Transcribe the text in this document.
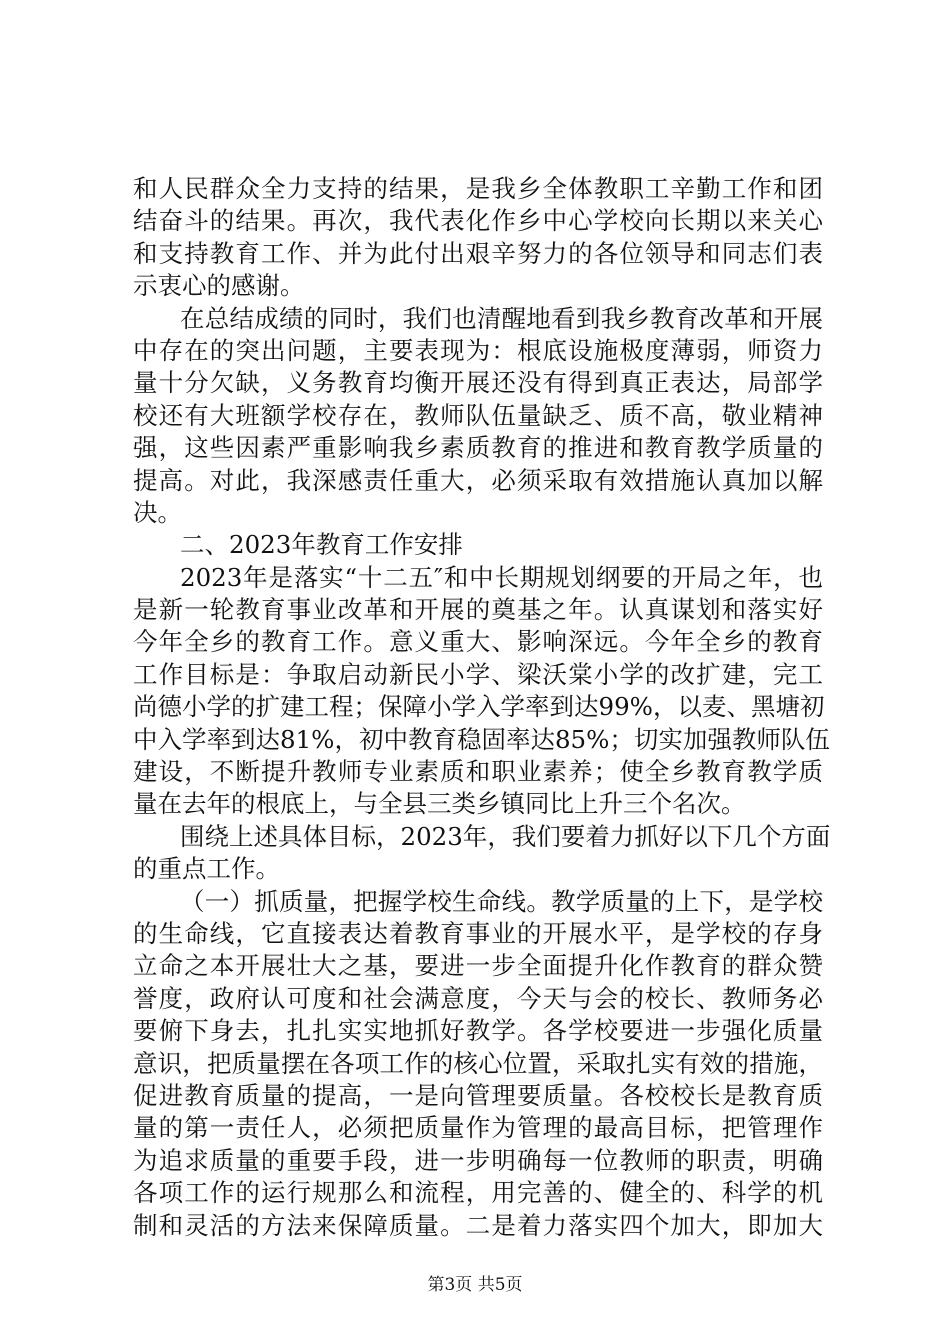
和人民群众全力支持的结果，是我乡全体教职工辛勤工作和团
结奋斗的结果。再次，我代表化作乡中心学校向长期以来关心
和支持教育工作、并为此付出艰辛努力的各位领导和同志们表
示衷心的感谢。
在总结成绩的同时，我们也清醒地看到我乡教育改革和开展
中存在的突出问题，主要表现为：根底设施极度薄弱，师资力
量十分欠缺，义务教育均衡开展还没有得到真正表达，局部学
校还有大班额学校存在，教师队伍量缺乏、质不高，敬业精神
强，这些因素严重影响我乡素质教育的推进和教育教学质量的
提高。对此，我深感责任重大，必须采取有效措施认真加以解
决。
二、2023年教育工作安排
2023年是落实“十二五″和中长期规划纲要的开局之年，也
是新一轮教育事业改革和开展的奠基之年。认真谋划和落实好
今年全乡的教育工作。意义重大、影响深远。今年全乡的教育
工作目标是：争取启动新民小学、梁沃棠小学的改扩建，完工
尚德小学的扩建工程；保障小学入学率到达99%，以麦、黑塘初
中入学率到达81%，初中教育稳固率达85%；切实加强教师队伍
建设，不断提升教师专业素质和职业素养；使全乡教育教学质
量在去年的根底上，与全县三类乡镇同比上升三个名次。
围绕上述具体目标，2023年，我们要着力抓好以下几个方面
的重点工作。
（一）抓质量，把握学校生命线。教学质量的上下，是学校
的生命线，它直接表达着教育事业的开展水平，是学校的存身
立命之本开展壮大之基，要进一步全面提升化作教育的群众赞
誉度，政府认可度和社会满意度，今天与会的校长、教师务必
要俯下身去，扎扎实实地抓好教学。各学校要进一步强化质量
意识，把质量摆在各项工作的核心位置，采取扎实有效的措施，
促进教育质量的提高，一是向管理要质量。各校校长是教育质
量的第一责任人，必须把质量作为管理的最高目标，把管理作
为追求质量的重要手段，进一步明确每一位教师的职责，明确
各项工作的运行规那么和流程，用完善的、健全的、科学的机
制和灵活的方法来保障质量。二是着力落实四个加大，即加大
第3页 共5页
